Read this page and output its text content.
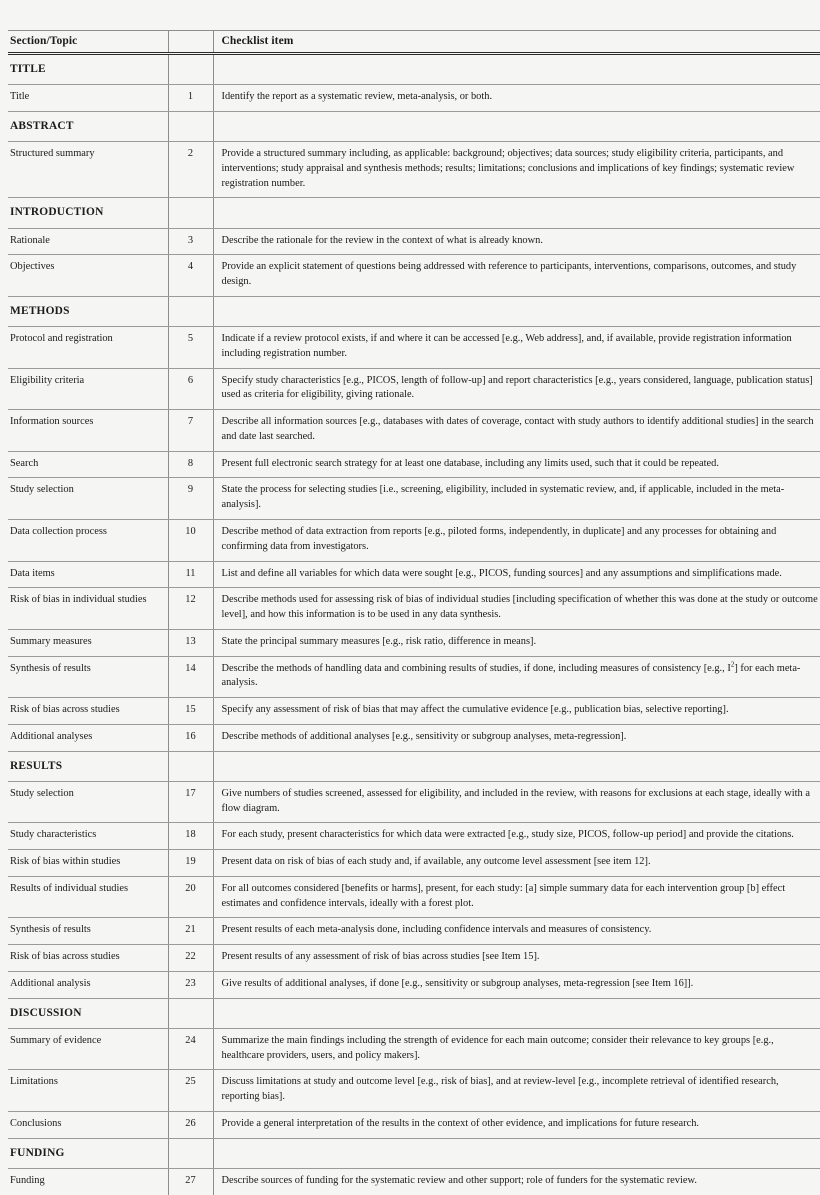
Section/Topic		Checklist item
TITLE		
Title	1	Identify the report as a systematic review, meta-analysis, or both.
ABSTRACT		
Structured summary	2	Provide a structured summary including, as applicable: background; objectives; data sources; study eligibility criteria, participants, and interventions; study appraisal and synthesis methods; results; limitations; conclusions and implications of key findings; systematic review registration number.
INTRODUCTION		
Rationale	3	Describe the rationale for the review in the context of what is already known.
Objectives	4	Provide an explicit statement of questions being addressed with reference to participants, interventions, comparisons, outcomes, and study design.
METHODS		
Protocol and registration	5	Indicate if a review protocol exists, if and where it can be accessed [e.g., Web address], and, if available, provide registration information including registration number.
Eligibility criteria	6	Specify study characteristics [e.g., PICOS, length of follow-up] and report characteristics [e.g., years considered, language, publication status] used as criteria for eligibility, giving rationale.
Information sources	7	Describe all information sources [e.g., databases with dates of coverage, contact with study authors to identify additional studies] in the search and date last searched.
Search	8	Present full electronic search strategy for at least one database, including any limits used, such that it could be repeated.
Study selection	9	State the process for selecting studies [i.e., screening, eligibility, included in systematic review, and, if applicable, included in the meta-analysis].
Data collection process	10	Describe method of data extraction from reports [e.g., piloted forms, independently, in duplicate] and any processes for obtaining and confirming data from investigators.
Data items	11	List and define all variables for which data were sought [e.g., PICOS, funding sources] and any assumptions and simplifications made.
Risk of bias in individual studies	12	Describe methods used for assessing risk of bias of individual studies [including specification of whether this was done at the study or outcome level], and how this information is to be used in any data synthesis.
Summary measures	13	State the principal summary measures [e.g., risk ratio, difference in means].
Synthesis of results	14	Describe the methods of handling data and combining results of studies, if done, including measures of consistency [e.g., $I^2$] for each meta-analysis.
Risk of bias across studies	15	Specify any assessment of risk of bias that may affect the cumulative evidence [e.g., publication bias, selective reporting].
Additional analyses	16	Describe methods of additional analyses [e.g., sensitivity or subgroup analyses, meta-regression].
RESULTS		
Study selection	17	Give numbers of studies screened, assessed for eligibility, and included in the review, with reasons for exclusions at each stage, ideally with a flow diagram.
Study characteristics	18	For each study, present characteristics for which data were extracted [e.g., study size, PICOS, follow-up period] and provide the citations.
Risk of bias within studies	19	Present data on risk of bias of each study and, if available, any outcome level assessment [see item 12].
Results of individual studies	20	For all outcomes considered [benefits or harms], present, for each study: [a] simple summary data for each intervention group [b] effect estimates and confidence intervals, ideally with a forest plot.
Synthesis of results	21	Present results of each meta-analysis done, including confidence intervals and measures of consistency.
Risk of bias across studies	22	Present results of any assessment of risk of bias across studies [see Item 15].
Additional analysis	23	Give results of additional analyses, if done [e.g., sensitivity or subgroup analyses, meta-regression [see Item 16]].
DISCUSSION		
Summary of evidence	24	Summarize the main findings including the strength of evidence for each main outcome; consider their relevance to key groups [e.g., healthcare providers, users, and policy makers].
Limitations	25	Discuss limitations at study and outcome level [e.g., risk of bias], and at review-level [e.g., incomplete retrieval of identified research, reporting bias].
Conclusions	26	Provide a general interpretation of the results in the context of other evidence, and implications for future research.
FUNDING		
Funding	27	Describe sources of funding for the systematic review and other support; role of funders for the systematic review.
